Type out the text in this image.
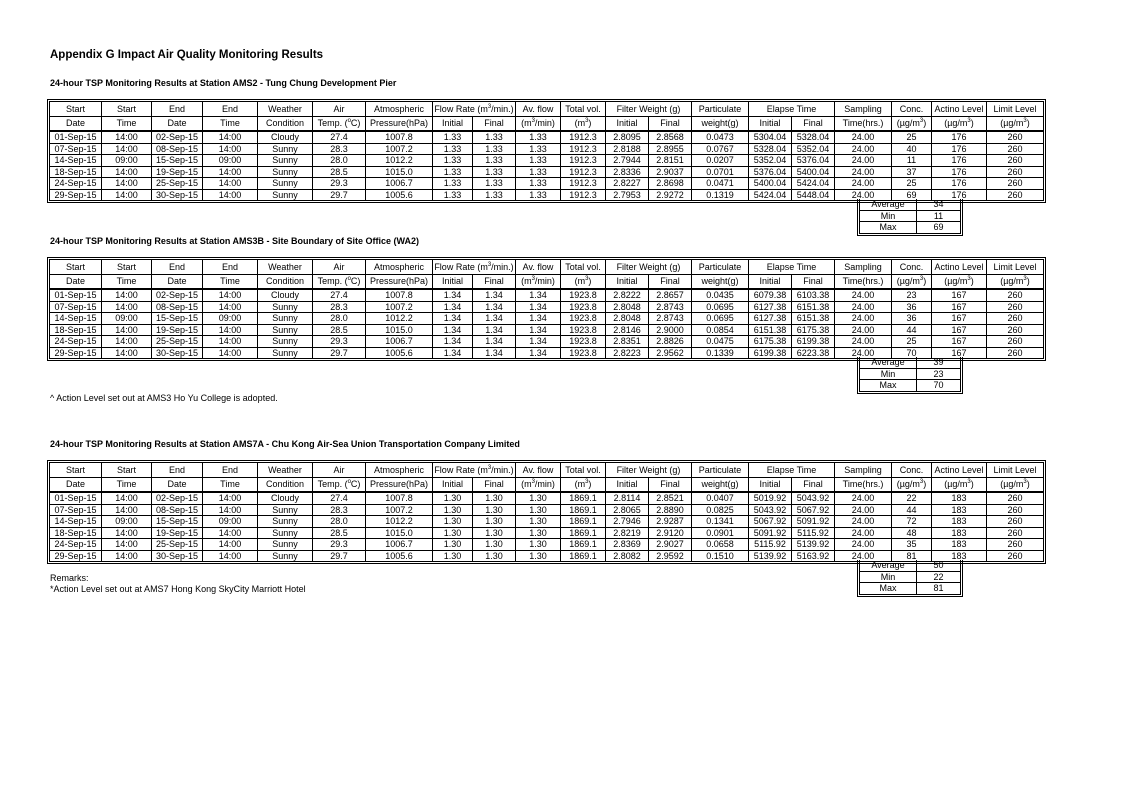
Appendix G Impact Air Quality Monitoring Results
24-hour TSP Monitoring Results at Station AMS2 - Tung Chung Development Pier
Start	Start	End	End	Weather	Air	Atmospheric	Flow Rate $(m^3/\min.)$		Av. flow	Total vol.	Filter Weight (g)		Particulate	Elapse Time		Sampling	Conc.	Actino Level	Limit Level
Date	Time	Date	Time	Condition	Temp. ($^o$C)	Pressure(hPa)	Initial	Final	$(m^3/\min)$	$(m^3)$	Initial	Final	weight(g)	Initial	Final	Time(hrs.)	$(\mu g/m^3)$	$(\mu g/m^3)$	$(\mu g/m^3)$
01-Sep-15	14:00	02-Sep-15	14:00	Cloudy	27.4	1007.8	1.33	1.33	1.33	1912.3	2.8095	2.8568	0.0473	5304.04	5328.04	24.00	25	176	260
07-Sep-15	14:00	08-Sep-15	14:00	Sunny	28.3	1007.2	1.33	1.33	1.33	1912.3	2.8188	2.8955	0.0767	5328.04	5352.04	24.00	40	176	260
14-Sep-15	09:00	15-Sep-15	09:00	Sunny	28.0	1012.2	1.33	1.33	1.33	1912.3	2.7944	2.8151	0.0207	5352.04	5376.04	24.00	11	176	260
18-Sep-15	14:00	19-Sep-15	14:00	Sunny	28.5	1015.0	1.33	1.33	1.33	1912.3	2.8336	2.9037	0.0701	5376.04	5400.04	24.00	37	176	260
24-Sep-15	14:00	25-Sep-15	14:00	Sunny	29.3	1006.7	1.33	1.33	1.33	1912.3	2.8227	2.8698	0.0471	5400.04	5424.04	24.00	25	176	260
29-Sep-15	14:00	30-Sep-15	14:00	Sunny	29.7	1005.6	1.33	1.33	1.33	1912.3	2.7953	2.9272	0.1319	5424.04	5448.04	24.00	69	176	260
Average	34
Min	11
Max	69
24-hour TSP Monitoring Results at Station AMS3B - Site Boundary of Site Office (WA2)
Start	Start	End	End	Weather	Air	Atmospheric	Flow Rate $(m^3/\min.)$		Av. flow	Total vol.	Filter Weight (g)		Particulate	Elapse Time		Sampling	Conc.	Actino Level	Limit Level
Date	Time	Date	Time	Condition	Temp. ($^o$C)	Pressure(hPa)	Initial	Final	$(m^3/\min)$	$(m^3)$	Initial	Final	weight(g)	Initial	Final	Time(hrs.)	$(\mu g/m^3)$	$(\mu g/m^3)$	$(\mu g/m^3)$
01-Sep-15	14:00	02-Sep-15	14:00	Cloudy	27.4	1007.8	1.34	1.34	1.34	1923.8	2.8222	2.8657	0.0435	6079.38	6103.38	24.00	23	167	260
07-Sep-15	14:00	08-Sep-15	14:00	Sunny	28.3	1007.2	1.34	1.34	1.34	1923.8	2.8048	2.8743	0.0695	6127.38	6151.38	24.00	36	167	260
14-Sep-15	09:00	15-Sep-15	09:00	Sunny	28.0	1012.2	1.34	1.34	1.34	1923.8	2.8048	2.8743	0.0695	6127.38	6151.38	24.00	36	167	260
18-Sep-15	14:00	19-Sep-15	14:00	Sunny	28.5	1015.0	1.34	1.34	1.34	1923.8	2.8146	2.9000	0.0854	6151.38	6175.38	24.00	44	167	260
24-Sep-15	14:00	25-Sep-15	14:00	Sunny	29.3	1006.7	1.34	1.34	1.34	1923.8	2.8351	2.8826	0.0475	6175.38	6199.38	24.00	25	167	260
29-Sep-15	14:00	30-Sep-15	14:00	Sunny	29.7	1005.6	1.34	1.34	1.34	1923.8	2.8223	2.9562	0.1339	6199.38	6223.38	24.00	70	167	260
Average	39
Min	23
Max	70
^ Action Level set out at AMS3 Ho Yu College is adopted.
24-hour TSP Monitoring Results at Station AMS7A - Chu Kong Air-Sea Union Transportation Company Limited
Start	Start	End	End	Weather	Air	Atmospheric	Flow Rate $(m^3/\min.)$		Av. flow	Total vol.	Filter Weight (g)		Particulate	Elapse Time		Sampling	Conc.	Actino Level	Limit Level
Date	Time	Date	Time	Condition	Temp. ($^o$C)	Pressure(hPa)	Initial	Final	$(m^3/\min)$	$(m^3)$	Initial	Final	weight(g)	Initial	Final	Time(hrs.)	$(\mu g/m^3)$	$(\mu g/m^3)$	$(\mu g/m^3)$
01-Sep-15	14:00	02-Sep-15	14:00	Cloudy	27.4	1007.8	1.30	1.30	1.30	1869.1	2.8114	2.8521	0.0407	5019.92	5043.92	24.00	22	183	260
07-Sep-15	14:00	08-Sep-15	14:00	Sunny	28.3	1007.2	1.30	1.30	1.30	1869.1	2.8065	2.8890	0.0825	5043.92	5067.92	24.00	44	183	260
14-Sep-15	09:00	15-Sep-15	09:00	Sunny	28.0	1012.2	1.30	1.30	1.30	1869.1	2.7946	2.9287	0.1341	5067.92	5091.92	24.00	72	183	260
18-Sep-15	14:00	19-Sep-15	14:00	Sunny	28.5	1015.0	1.30	1.30	1.30	1869.1	2.8219	2.9120	0.0901	5091.92	5115.92	24.00	48	183	260
24-Sep-15	14:00	25-Sep-15	14:00	Sunny	29.3	1006.7	1.30	1.30	1.30	1869.1	2.8369	2.9027	0.0658	5115.92	5139.92	24.00	35	183	260
29-Sep-15	14:00	30-Sep-15	14:00	Sunny	29.7	1005.6	1.30	1.30	1.30	1869.1	2.8082	2.9592	0.1510	5139.92	5163.92	24.00	81	183	260
Average	50
Min	22
Max	81
Remarks:
*Action Level set out at AMS7 Hong Kong SkyCity Marriott Hotel
